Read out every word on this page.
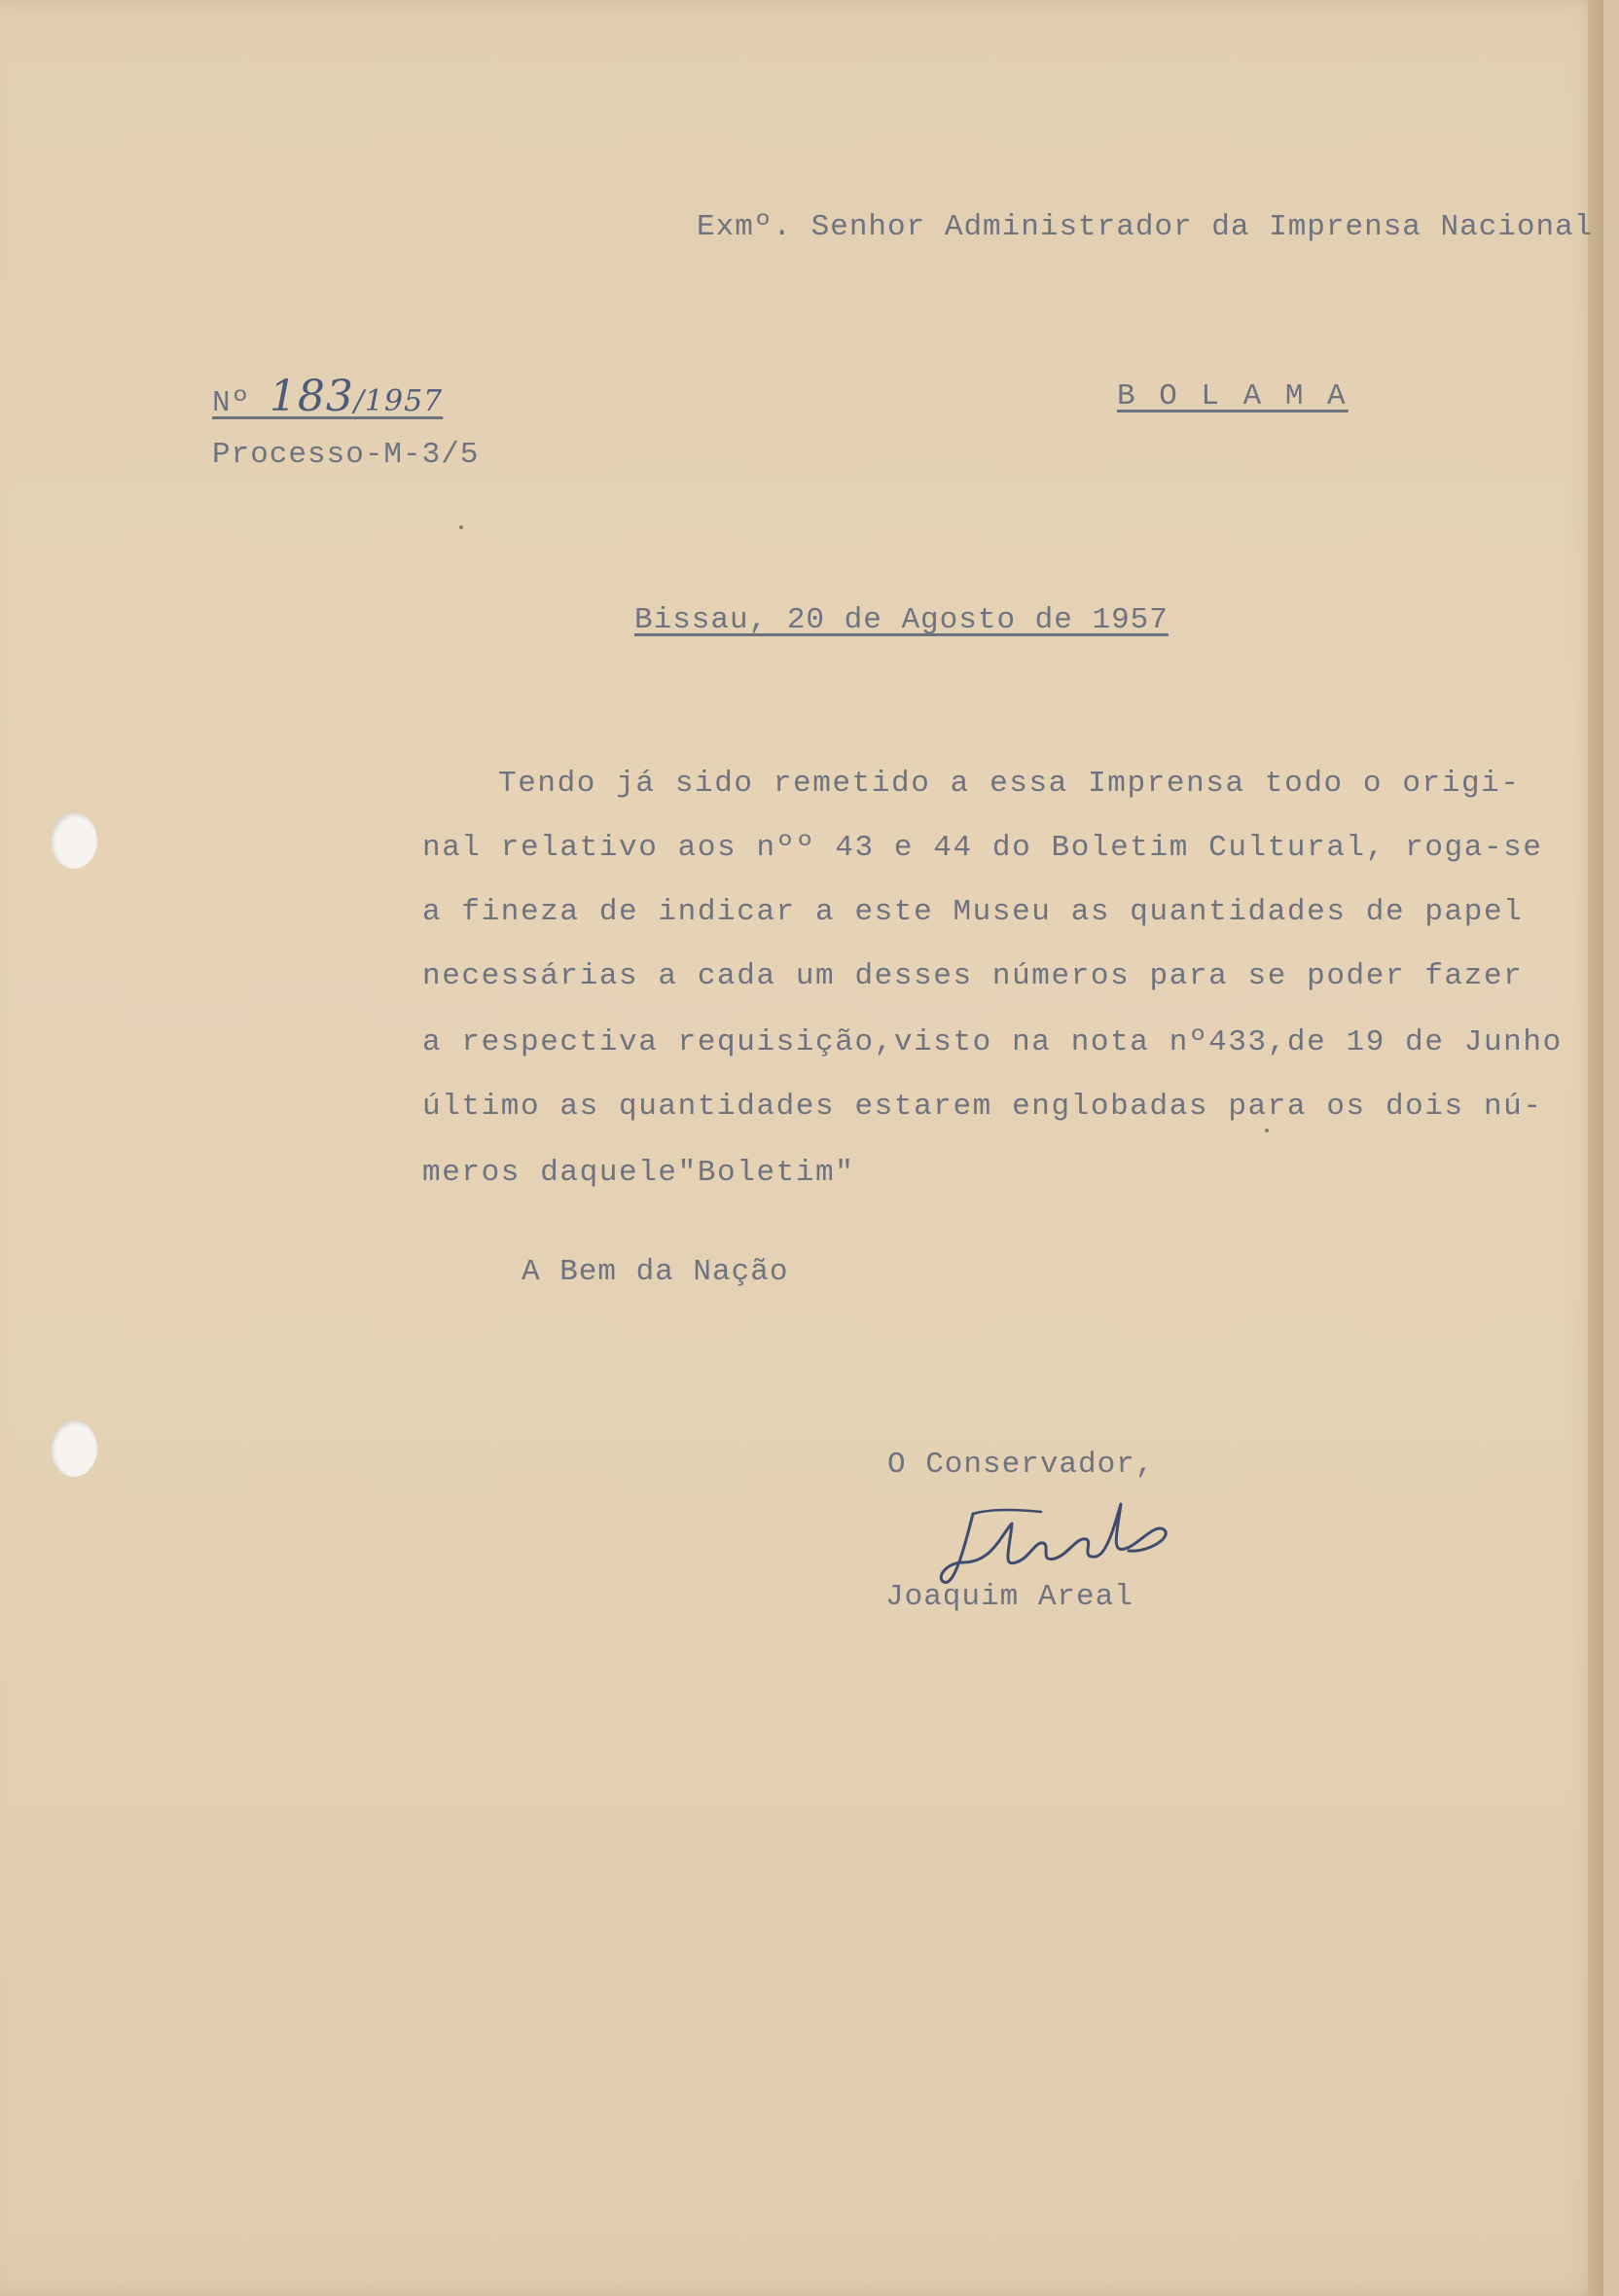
Exmº. Senhor Administrador da Imprensa Nacional
Nº 183/1957
Processo-M-3/5
B O L A M A
Bissau, 20 de Agosto de 1957
Tendo já sido remetido a essa Imprensa todo o origi-
nal relativo aos nºº 43 e 44 do Boletim Cultural, roga-se
a fineza de indicar a este Museu as quantidades de papel
necessárias a cada um desses números para se poder fazer
a respectiva requisição,visto na nota nº433,de 19 de Junho
último as quantidades estarem englobadas para os dois nú-
meros daquele"Boletim"
A Bem da Nação
O Conservador,
Joaquim Areal
